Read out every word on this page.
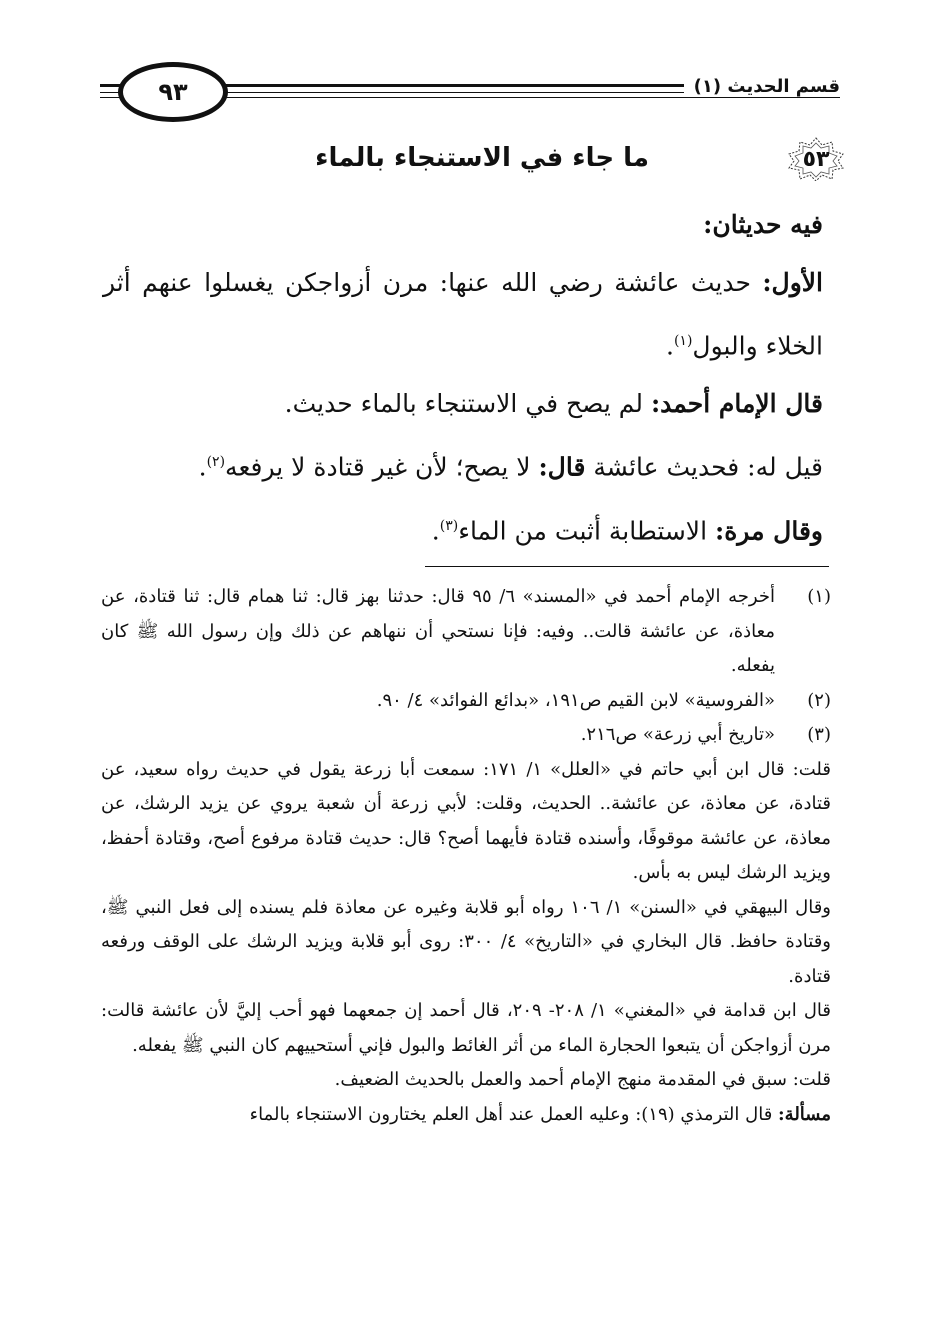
٩٣	قسم الحديث (١)
٥٣
ما جاء في الاستنجاء بالماء

فيه حديثان:

الأول: حديث عائشة رضي الله عنها: مرن أزواجكن يغسلوا عنهم أثر الخلاء والبول$^{(١)}$.

قال الإمام أحمد: لم يصح في الاستنجاء بالماء حديث.

قيل له: فحديث عائشة قال: لا يصح؛ لأن غير قتادة لا يرفعه$^{(٢)}$.

وقال مرة: الاستطابة أثبت من الماء$^{(٣)}$.

(١)
أخرجه الإمام أحمد في «المسند» ٦/ ٩٥ قال: حدثنا بهز قال: ثنا همام قال: ثنا قتادة، عن معاذة، عن عائشة قالت.. وفيه: فإنا نستحي أن ننهاهم عن ذلك وإن رسول الله ﷺ كان يفعله.
(٢)
«الفروسية» لابن القيم ص١٩١، «بدائع الفوائد» ٤/ ٩٠.
(٣)
«تاريخ أبي زرعة» ص٢١٦.

قلت: قال ابن أبي حاتم في «العلل» ١/ ١٧١: سمعت أبا زرعة يقول في حديث رواه سعيد، عن قتادة، عن معاذة، عن عائشة.. الحديث، وقلت: لأبي زرعة أن شعبة يروي عن يزيد الرشك، عن معاذة، عن عائشة موقوفًا، وأسنده قتادة فأيهما أصح؟ قال: حديث قتادة مرفوع أصح، وقتادة أحفظ، ويزيد الرشك ليس به بأس.

وقال البيهقي في «السنن» ١/ ١٠٦ رواه أبو قلابة وغيره عن معاذة فلم يسنده إلى فعل النبي ﷺ، وقتادة حافظ. قال البخاري في «التاريخ» ٤/ ٣٠٠: روى أبو قلابة ويزيد الرشك على الوقف ورفعه قتادة.

قال ابن قدامة في «المغني» ١/ ٢٠٨- ٢٠٩، قال أحمد إن جمعهما فهو أحب إليَّ لأن عائشة قالت: مرن أزواجكن أن يتبعوا الحجارة الماء من أثر الغائط والبول فإني أستحييهم كان النبي ﷺ يفعله.

قلت: سبق في المقدمة منهج الإمام أحمد والعمل بالحديث الضعيف.

مسألة: قال الترمذي (١٩): وعليه العمل عند أهل العلم يختارون الاستنجاء بالماء
